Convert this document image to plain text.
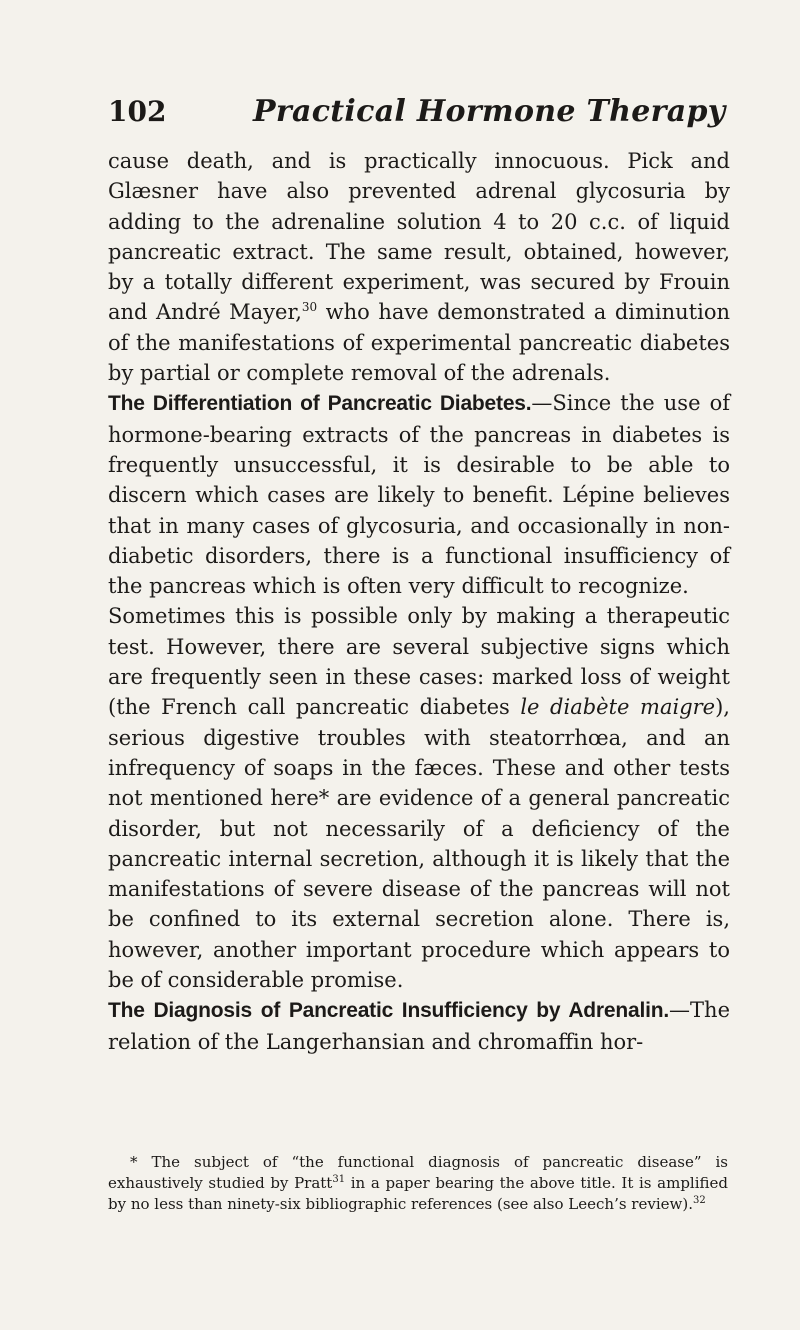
102	Practical Hormone Therapy

cause death, and is practically innocuous. Pick and Glæsner have also prevented adrenal glycosuria by adding to the adrenaline solution 4 to 20 c.c. of liquid pancreatic extract. The same result, obtained, however, by a totally different experiment, was secured by Frouin and André Mayer,$^{30}$ who have demonstrated a diminution of the manifestations of experimental pancreatic diabetes by partial or complete removal of the adrenals.

The Differentiation of Pancreatic Diabetes.—Since the use of hormone-bearing extracts of the pancreas in diabetes is frequently unsuccessful, it is desirable to be able to discern which cases are likely to benefit. Lépine believes that in many cases of glycosuria, and occasionally in non-diabetic disorders, there is a functional insufficiency of the pancreas which is often very difficult to recognize.

Sometimes this is possible only by making a therapeutic test. However, there are several subjective signs which are frequently seen in these cases: marked loss of weight (the French call pancreatic diabetes le diabète maigre), serious digestive troubles with steatorrhœa, and an infrequency of soaps in the fæces. These and other tests not mentioned here* are evidence of a general pancreatic disorder, but not necessarily of a deficiency of the pancreatic internal secretion, although it is likely that the manifestations of severe disease of the pancreas will not be confined to its external secretion alone. There is, however, another important procedure which appears to be of considerable promise.

The Diagnosis of Pancreatic Insufficiency by Adrenalin.—The relation of the Langerhansian and chromaffin hor-

* The subject of “the functional diagnosis of pancreatic disease” is exhaustively studied by Pratt$^{31}$ in a paper bearing the above title. It is amplified by no less than ninety-six bibliographic references (see also Leech’s review).$^{32}$
